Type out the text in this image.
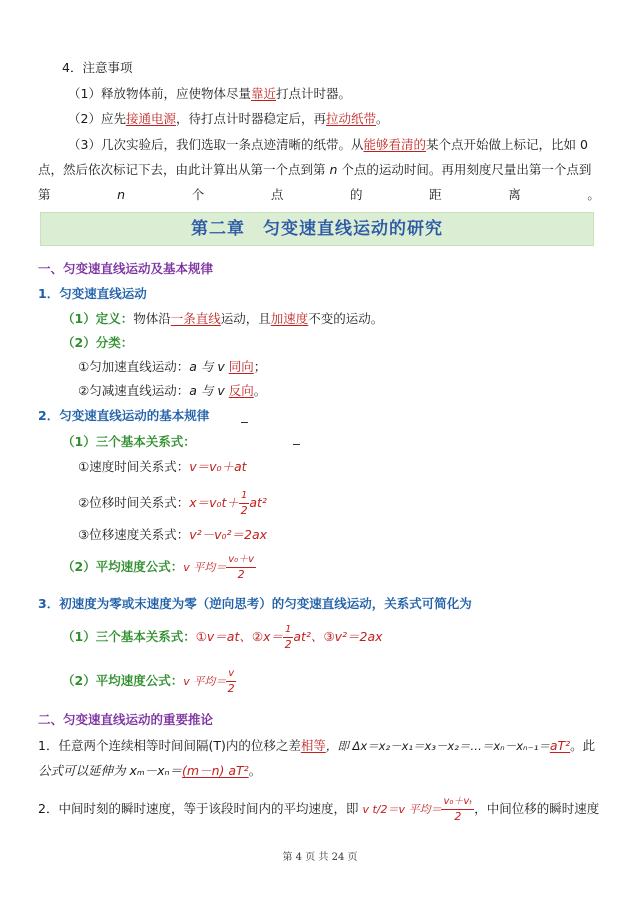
4．注意事项
（1）释放物体前，应使物体尽量靠近打点计时器。
（2）应先接通电源，待打点计时器稳定后，再拉动纸带。
（3）几次实验后，我们选取一条点迹清晰的纸带。从能够看清的某个点开始做上标记，比如 0
点，然后依次标记下去，由此计算出从第一个点到第 n 个点的运动时间。再用刻度尺量出第一个点到
第	n	个	点	的	距	离	。
第二章　匀变速直线运动的研究
一、匀变速直线运动及基本规律
1．匀变速直线运动
（1）定义：物体沿一条直线运动，且加速度不变的运动。
（2）分类：
①匀加速直线运动：a 与 v 同向；
②匀减速直线运动：a 与 v 反向。
2．匀变速直线运动的基本规律
（1）三个基本关系式：
①速度时间关系式：v＝v₀＋at
②位移时间关系式：$x=v_0t+ \frac{1}{2} at^2$
③位移速度关系式：v²－v₀²＝2ax
（2）平均速度公式：v 平均＝ $\frac{\text{v₀＋v}}{2}$
3．初速度为零或末速度为零（逆向思考）的匀变速直线运动，关系式可简化为
（1）三个基本关系式：①v＝at、②x＝ $\frac{1}{2} at^2$、③v²＝2ax
（2）平均速度公式：v 平均＝ $\frac{v}{2}$
二、匀变速直线运动的重要推论
1．任意两个连续相等时间间隔(T)内的位移之差相等，即 Δx＝x₂－x₁＝x₃－x₂＝…＝xₙ－xₙ₋₁＝aT²。此
公式可以延伸为 xₘ－xₙ＝(m－n) aT²。
2．中间时刻的瞬时速度，等于该段时间内的平均速度，即 v t/2＝v 平均＝ $\frac{\text{v₀＋vₜ}}{2}$ ，中间位移的瞬时速度
第 4 页 共 24 页
